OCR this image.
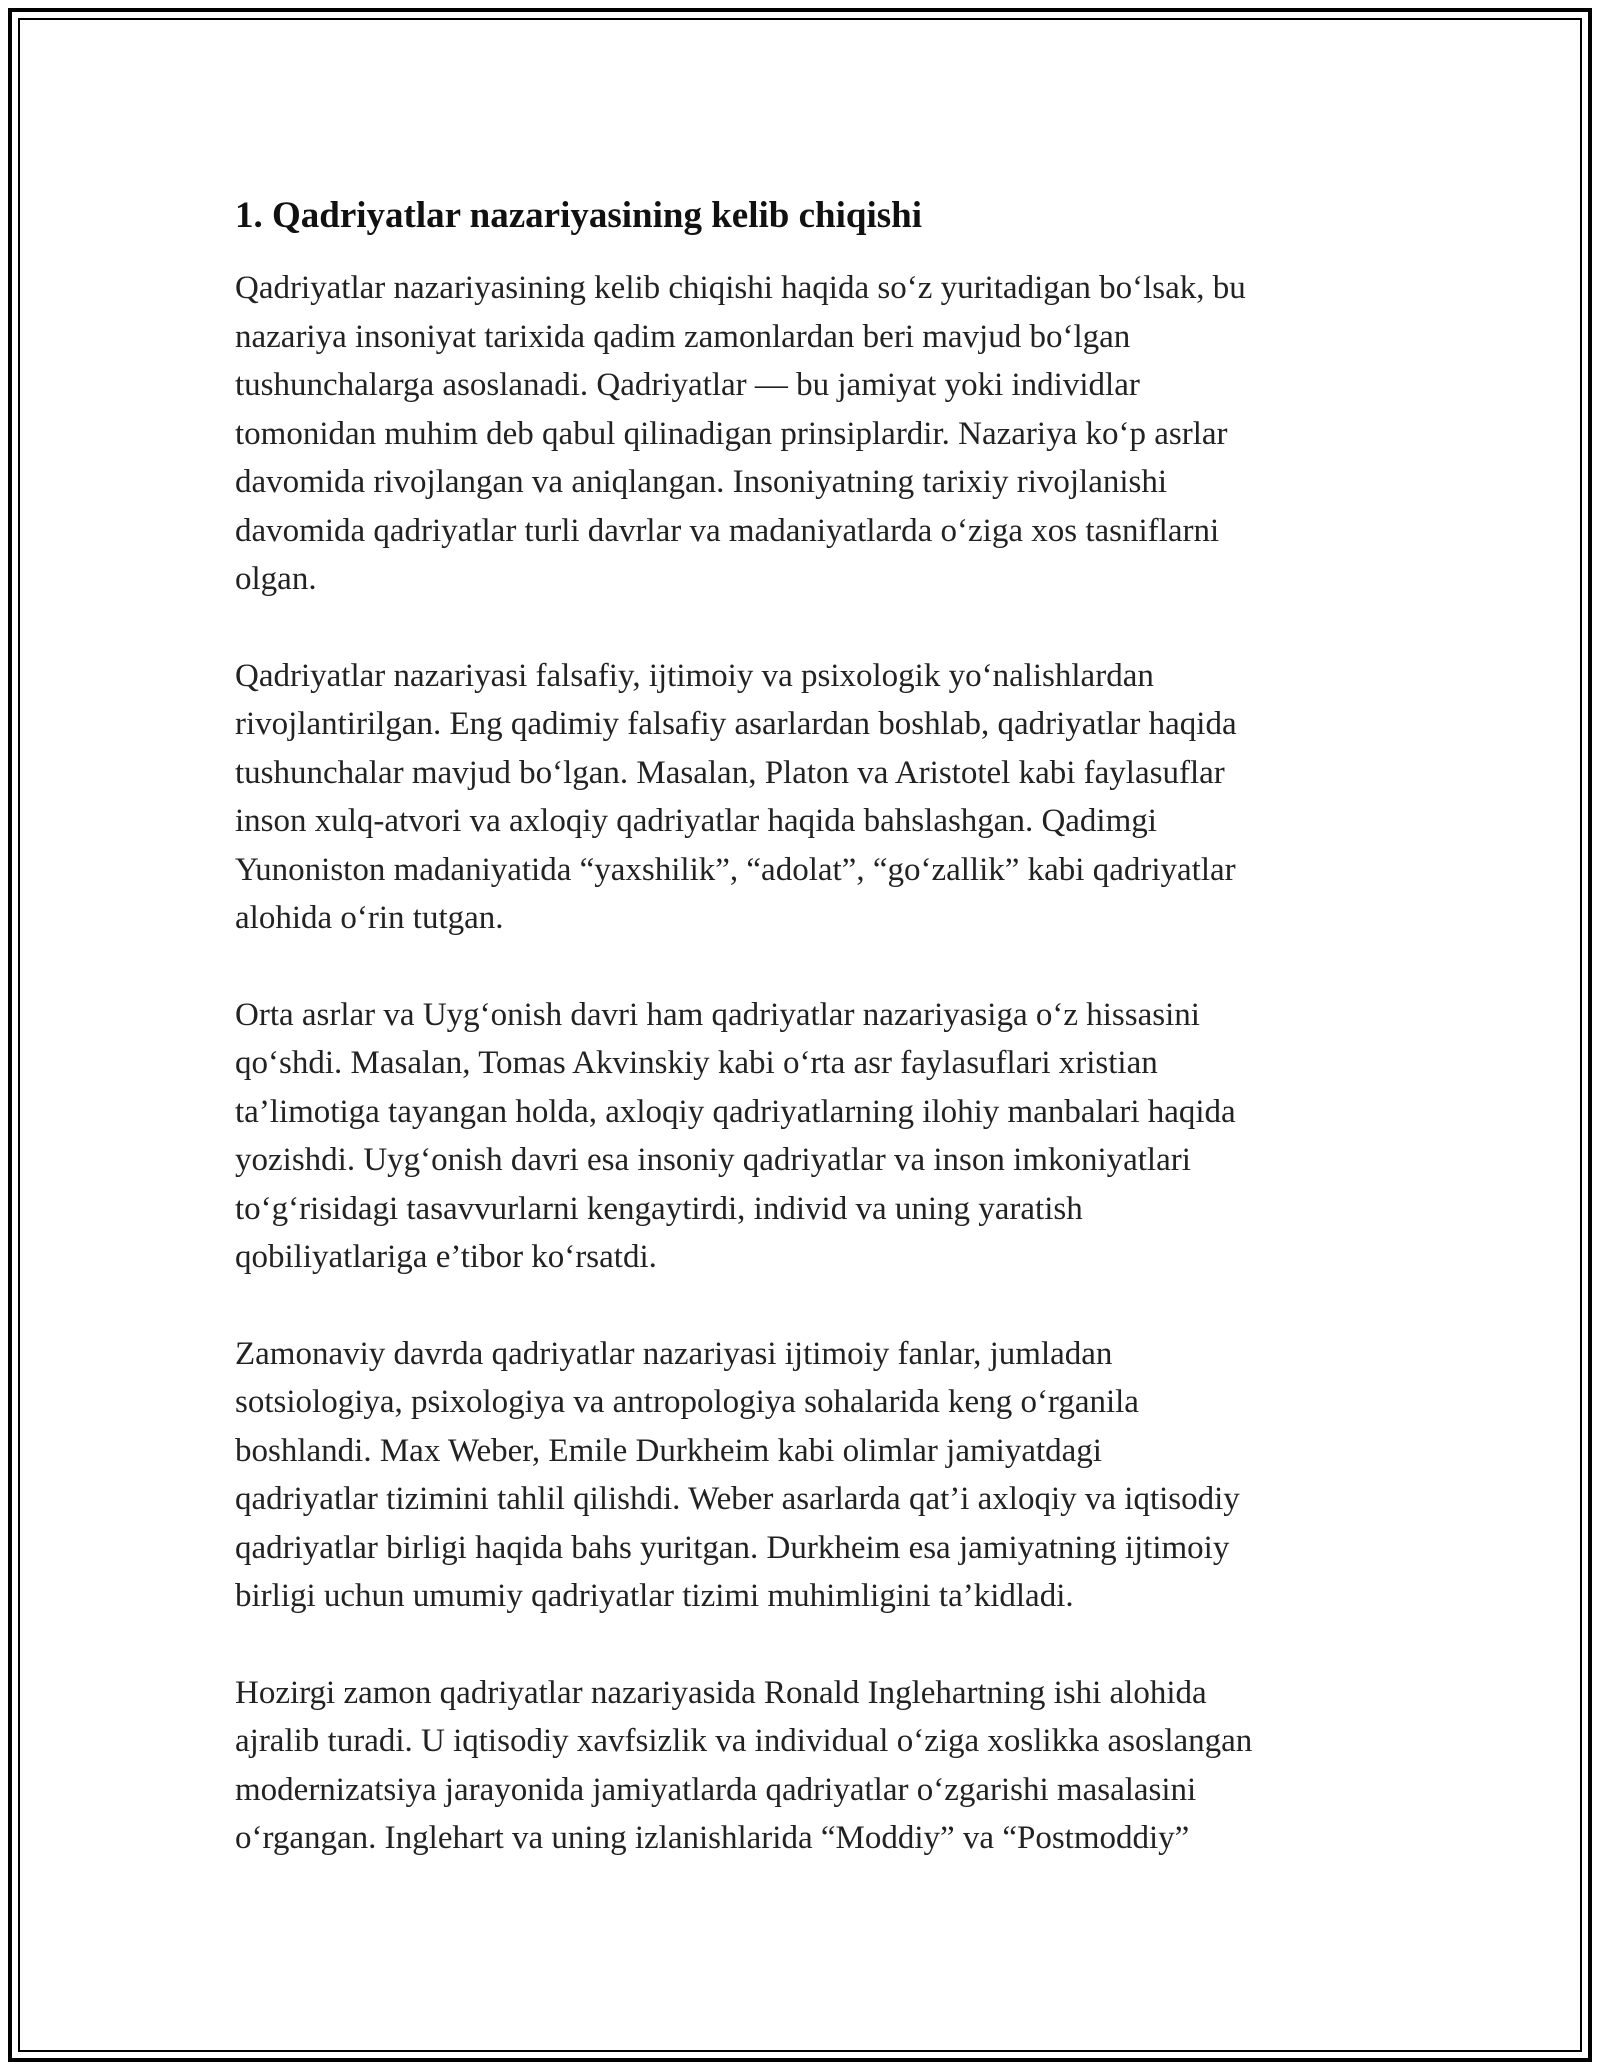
1. Qadriyatlar nazariyasining kelib chiqishi

Qadriyatlar nazariyasining kelib chiqishi haqida so‘z yuritadigan bo‘lsak, bu
nazariya insoniyat tarixida qadim zamonlardan beri mavjud bo‘lgan
tushunchalarga asoslanadi. Qadriyatlar — bu jamiyat yoki individlar
tomonidan muhim deb qabul qilinadigan prinsiplardir. Nazariya ko‘p asrlar
davomida rivojlangan va aniqlangan. Insoniyatning tarixiy rivojlanishi
davomida qadriyatlar turli davrlar va madaniyatlarda o‘ziga xos tasniflarni
olgan.

Qadriyatlar nazariyasi falsafiy, ijtimoiy va psixologik yo‘nalishlardan
rivojlantirilgan. Eng qadimiy falsafiy asarlardan boshlab, qadriyatlar haqida
tushunchalar mavjud bo‘lgan. Masalan, Platon va Aristotel kabi faylasuflar
inson xulq-atvori va axloqiy qadriyatlar haqida bahslashgan. Qadimgi
Yunoniston madaniyatida “yaxshilik”, “adolat”, “go‘zallik” kabi qadriyatlar
alohida o‘rin tutgan.

Orta asrlar va Uyg‘onish davri ham qadriyatlar nazariyasiga o‘z hissasini
qo‘shdi. Masalan, Tomas Akvinskiy kabi o‘rta asr faylasuflari xristian
ta’limotiga tayangan holda, axloqiy qadriyatlarning ilohiy manbalari haqida
yozishdi. Uyg‘onish davri esa insoniy qadriyatlar va inson imkoniyatlari
to‘g‘risidagi tasavvurlarni kengaytirdi, individ va uning yaratish
qobiliyatlariga e’tibor ko‘rsatdi.

Zamonaviy davrda qadriyatlar nazariyasi ijtimoiy fanlar, jumladan
sotsiologiya, psixologiya va antropologiya sohalarida keng o‘rganila
boshlandi. Max Weber, Emile Durkheim kabi olimlar jamiyatdagi
qadriyatlar tizimini tahlil qilishdi. Weber asarlarda qat’i axloqiy va iqtisodiy
qadriyatlar birligi haqida bahs yuritgan. Durkheim esa jamiyatning ijtimoiy
birligi uchun umumiy qadriyatlar tizimi muhimligini ta’kidladi.

Hozirgi zamon qadriyatlar nazariyasida Ronald Inglehartning ishi alohida
ajralib turadi. U iqtisodiy xavfsizlik va individual o‘ziga xoslikka asoslangan
modernizatsiya jarayonida jamiyatlarda qadriyatlar o‘zgarishi masalasini
o‘rgangan. Inglehart va uning izlanishlarida “Moddiy” va “Postmoddiy”
